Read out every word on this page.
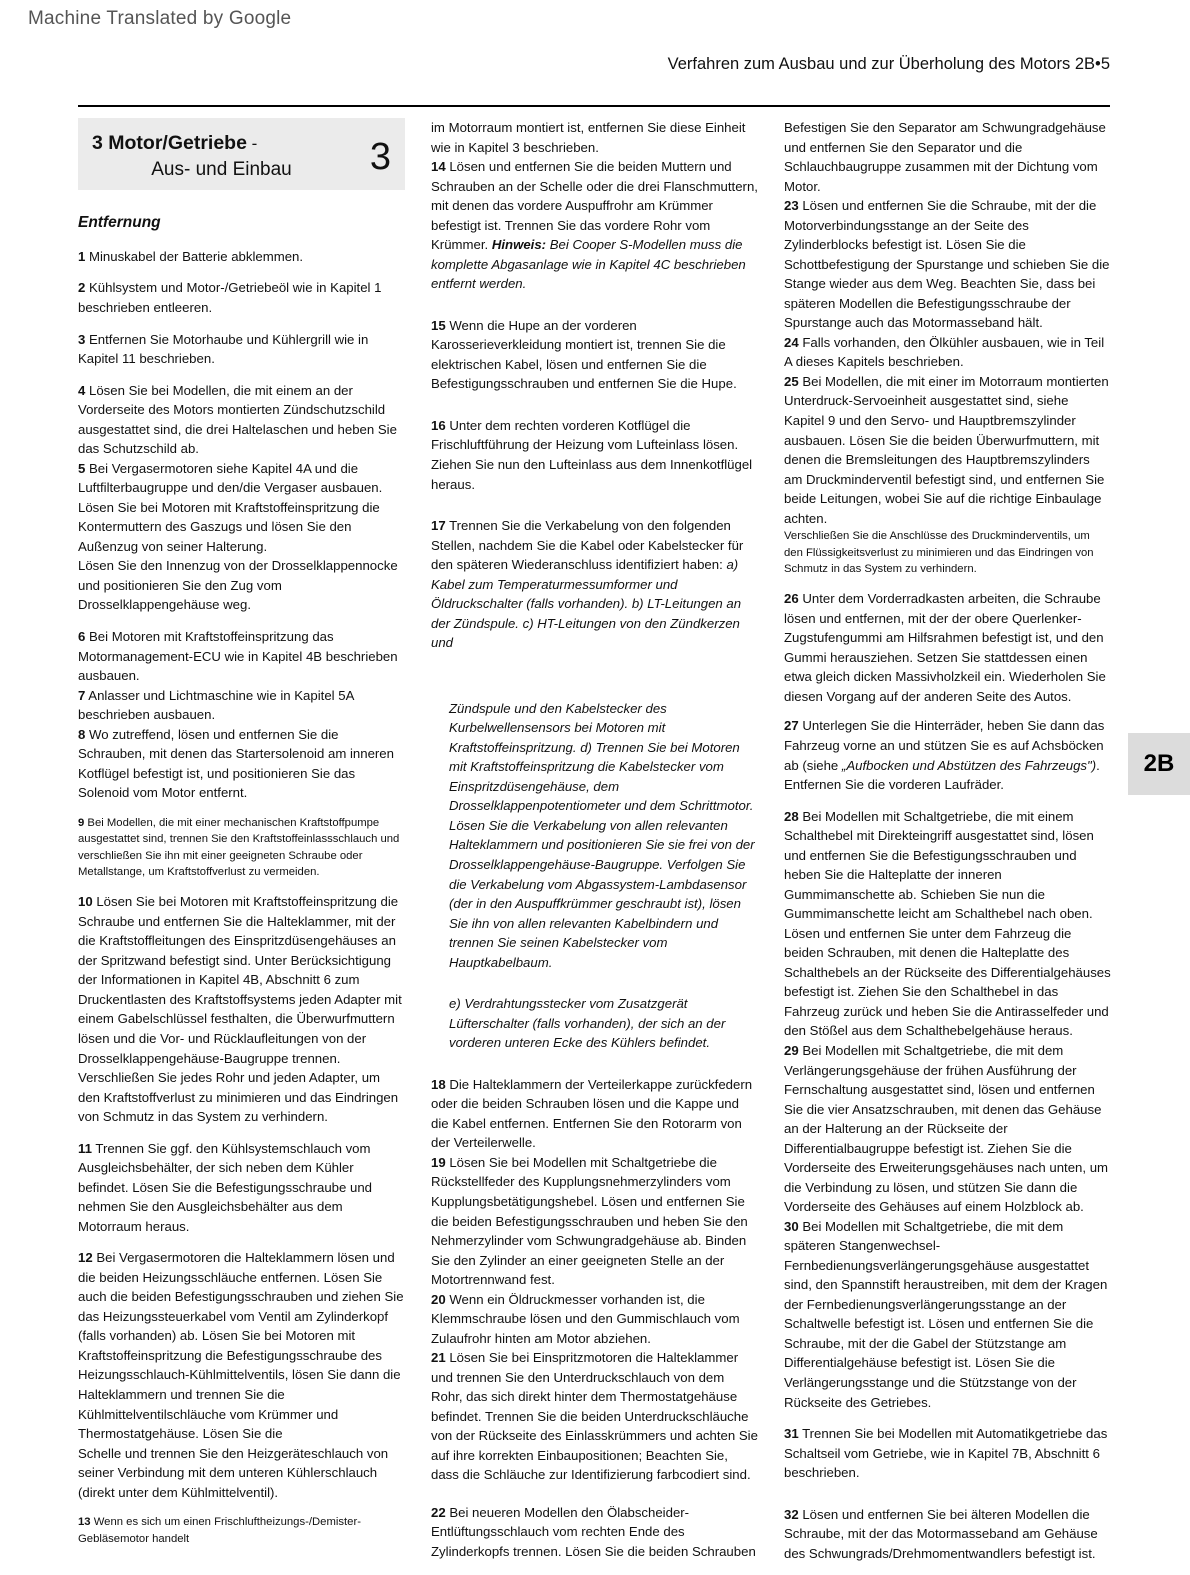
Machine Translated by Google
Verfahren zum Ausbau und zur Überholung des Motors 2B•5
2B
3 Motor/Getriebe -
Aus- und Einbau	3
Entfernung

1 Minuskabel der Batterie abklemmen.

2 Kühlsystem und Motor-/Getriebeöl wie in Kapitel 1 beschrieben entleeren.

3 Entfernen Sie Motorhaube und Kühlergrill wie in Kapitel 11 beschrieben.

4 Lösen Sie bei Modellen, die mit einem an der Vorderseite des Motors montierten Zündschutzschild ausgestattet sind, die drei Haltelaschen und heben Sie das Schutzschild ab.

5 Bei Vergasermotoren siehe Kapitel 4A und die Luftfilterbaugruppe und den/die Vergaser ausbauen. Lösen Sie bei Motoren mit Kraftstoffeinspritzung die Kontermuttern des Gaszugs und lösen Sie den Außenzug von seiner Halterung.

Lösen Sie den Innenzug von der Drosselklappennocke und positionieren Sie den Zug vom Drosselklappengehäuse weg.

6 Bei Motoren mit Kraftstoffeinspritzung das Motormanagement-ECU wie in Kapitel 4B beschrieben ausbauen.

7 Anlasser und Lichtmaschine wie in Kapitel 5A beschrieben ausbauen.

8 Wo zutreffend, lösen und entfernen Sie die Schrauben, mit denen das Startersolenoid am inneren Kotflügel befestigt ist, und positionieren Sie das Solenoid vom Motor entfernt.

9 Bei Modellen, die mit einer mechanischen Kraftstoffpumpe ausgestattet sind, trennen Sie den Kraftstoffeinlassschlauch und verschließen Sie ihn mit einer geeigneten Schraube oder Metallstange, um Kraftstoffverlust zu vermeiden.

10 Lösen Sie bei Motoren mit Kraftstoffeinspritzung die Schraube und entfernen Sie die Halteklammer, mit der die Kraftstoffleitungen des Einspritzdüsengehäuses an der Spritzwand befestigt sind. Unter Berücksichtigung der Informationen in Kapitel 4B, Abschnitt 6 zum Druckentlasten des Kraftstoffsystems jeden Adapter mit einem Gabelschlüssel festhalten, die Überwurfmuttern lösen und die Vor- und Rücklaufleitungen von der Drosselklappengehäuse-Baugruppe trennen.

Verschließen Sie jedes Rohr und jeden Adapter, um den Kraftstoffverlust zu minimieren und das Eindringen von Schmutz in das System zu verhindern.

11 Trennen Sie ggf. den Kühlsystemschlauch vom Ausgleichsbehälter, der sich neben dem Kühler befindet. Lösen Sie die Befestigungsschraube und nehmen Sie den Ausgleichsbehälter aus dem Motorraum heraus.

12 Bei Vergasermotoren die Halteklammern lösen und die beiden Heizungsschläuche entfernen. Lösen Sie auch die beiden Befestigungsschrauben und ziehen Sie das Heizungssteuerkabel vom Ventil am Zylinderkopf (falls vorhanden) ab. Lösen Sie bei Motoren mit Kraftstoffeinspritzung die Befestigungsschraube des Heizungsschlauch-Kühlmittelventils, lösen Sie dann die Halteklammern und trennen Sie die Kühlmittelventilschläuche vom Krümmer und Thermostatgehäuse. Lösen Sie die

Schelle und trennen Sie den Heizgeräteschlauch von seiner Verbindung mit dem unteren Kühlerschlauch (direkt unter dem Kühlmittelventil).

13 Wenn es sich um einen Frischluftheizungs-/Demister-Gebläsemotor handelt

im Motorraum montiert ist, entfernen Sie diese Einheit wie in Kapitel 3 beschrieben.

14 Lösen und entfernen Sie die beiden Muttern und Schrauben an der Schelle oder die drei Flanschmuttern, mit denen das vordere Auspuffrohr am Krümmer befestigt ist. Trennen Sie das vordere Rohr vom Krümmer. Hinweis: Bei Cooper S-Modellen muss die komplette Abgasanlage wie in Kapitel 4C beschrieben entfernt werden.

15 Wenn die Hupe an der vorderen Karosserieverkleidung montiert ist, trennen Sie die elektrischen Kabel, lösen und entfernen Sie die Befestigungsschrauben und entfernen Sie die Hupe.

16 Unter dem rechten vorderen Kotflügel die Frischluftführung der Heizung vom Lufteinlass lösen. Ziehen Sie nun den Lufteinlass aus dem Innenkotflügel heraus.

17 Trennen Sie die Verkabelung von den folgenden Stellen, nachdem Sie die Kabel oder Kabelstecker für den späteren Wiederanschluss identifiziert haben: a) Kabel zum Temperaturmessumformer und Öldruckschalter (falls vorhanden). b) LT-Leitungen an der Zündspule. c) HT-Leitungen von den Zündkerzen und

Zündspule und den Kabelstecker des Kurbelwellensensors bei Motoren mit Kraftstoffeinspritzung. d) Trennen Sie bei Motoren mit Kraftstoffeinspritzung die Kabelstecker vom Einspritzdüsengehäuse, dem Drosselklappenpotentiometer und dem Schrittmotor. Lösen Sie die Verkabelung von allen relevanten Halteklammern und positionieren Sie sie frei von der Drosselklappengehäuse-Baugruppe. Verfolgen Sie die Verkabelung vom Abgassystem-Lambdasensor (der in den Auspuffkrümmer geschraubt ist), lösen Sie ihn von allen relevanten Kabelbindern und trennen Sie seinen Kabelstecker vom Hauptkabelbaum.

e) Verdrahtungsstecker vom Zusatzgerät Lüfterschalter (falls vorhanden), der sich an der vorderen unteren Ecke des Kühlers befindet.

18 Die Halteklammern der Verteilerkappe zurückfedern oder die beiden Schrauben lösen und die Kappe und die Kabel entfernen. Entfernen Sie den Rotorarm von der Verteilerwelle.

19 Lösen Sie bei Modellen mit Schaltgetriebe die Rückstellfeder des Kupplungsnehmerzylinders vom Kupplungsbetätigungshebel. Lösen und entfernen Sie die beiden Befestigungsschrauben und heben Sie den Nehmerzylinder vom Schwungradgehäuse ab. Binden Sie den Zylinder an einer geeigneten Stelle an der Motortrennwand fest.

20 Wenn ein Öldruckmesser vorhanden ist, die Klemmschraube lösen und den Gummischlauch vom Zulaufrohr hinten am Motor abziehen.

21 Lösen Sie bei Einspritzmotoren die Halteklammer und trennen Sie den Unterdruckschlauch von dem Rohr, das sich direkt hinter dem Thermostatgehäuse befindet. Trennen Sie die beiden Unterdruckschläuche von der Rückseite des Einlasskrümmers und achten Sie auf ihre korrekten Einbaupositionen; Beachten Sie, dass die Schläuche zur Identifizierung farbcodiert sind.

22 Bei neueren Modellen den Ölabscheider-Entlüftungsschlauch vom rechten Ende des Zylinderkopfs trennen. Lösen Sie die beiden Schrauben

Befestigen Sie den Separator am Schwungradgehäuse und entfernen Sie den Separator und die Schlauchbaugruppe zusammen mit der Dichtung vom Motor.

23 Lösen und entfernen Sie die Schraube, mit der die Motorverbindungsstange an der Seite des Zylinderblocks befestigt ist. Lösen Sie die Schottbefestigung der Spurstange und schieben Sie die Stange wieder aus dem Weg. Beachten Sie, dass bei späteren Modellen die Befestigungsschraube der Spurstange auch das Motormasseband hält.

24 Falls vorhanden, den Ölkühler ausbauen, wie in Teil A dieses Kapitels beschrieben.

25 Bei Modellen, die mit einer im Motorraum montierten

Unterdruck-Servoeinheit ausgestattet sind, siehe Kapitel 9 und den Servo- und Hauptbremszylinder ausbauen. Lösen Sie die beiden Überwurfmuttern, mit denen die Bremsleitungen des Hauptbremszylinders am Druckminderventil befestigt sind, und entfernen Sie beide Leitungen, wobei Sie auf die richtige Einbaulage achten.

Verschließen Sie die Anschlüsse des Druckminderventils, um den Flüssigkeitsverlust zu minimieren und das Eindringen von Schmutz in das System zu verhindern.

26 Unter dem Vorderradkasten arbeiten, die Schraube lösen und entfernen, mit der der obere Querlenker-Zugstufengummi am Hilfsrahmen befestigt ist, und den Gummi herausziehen. Setzen Sie stattdessen einen etwa gleich dicken Massivholzkeil ein. Wiederholen Sie diesen Vorgang auf der anderen Seite des Autos.

27 Unterlegen Sie die Hinterräder, heben Sie dann das Fahrzeug vorne an und stützen Sie es auf Achsböcken ab (siehe „Aufbocken und Abstützen des Fahrzeugs"). Entfernen Sie die vorderen Laufräder.

28 Bei Modellen mit Schaltgetriebe, die mit einem Schalthebel mit Direkteingriff ausgestattet sind, lösen und entfernen Sie die Befestigungsschrauben und heben Sie die Halteplatte der inneren Gummimanschette ab. Schieben Sie nun die Gummimanschette leicht am Schalthebel nach oben. Lösen und entfernen Sie unter dem Fahrzeug die beiden Schrauben, mit denen die Halteplatte des Schalthebels an der Rückseite des Differentialgehäuses befestigt ist. Ziehen Sie den Schalthebel in das Fahrzeug zurück und heben Sie die Antirasselfeder und den Stößel aus dem Schalthebelgehäuse heraus.

29 Bei Modellen mit Schaltgetriebe, die mit dem Verlängerungsgehäuse der frühen Ausführung der Fernschaltung ausgestattet sind, lösen und entfernen Sie die vier Ansatzschrauben, mit denen das Gehäuse an der Halterung an der Rückseite der Differentialbaugruppe befestigt ist. Ziehen Sie die Vorderseite des Erweiterungsgehäuses nach unten, um die Verbindung zu lösen, und stützen Sie dann die Vorderseite des Gehäuses auf einem Holzblock ab.

30 Bei Modellen mit Schaltgetriebe, die mit dem späteren Stangenwechsel-Fernbedienungsverlängerungsgehäuse ausgestattet sind, den Spannstift heraustreiben, mit dem der Kragen der Fernbedienungsverlängerungsstange an der Schaltwelle befestigt ist. Lösen und entfernen Sie die

Schraube, mit der die Gabel der Stützstange am Differentialgehäuse befestigt ist. Lösen Sie die Verlängerungsstange und die Stützstange von der Rückseite des Getriebes.

31 Trennen Sie bei Modellen mit Automatikgetriebe das Schaltseil vom Getriebe, wie in Kapitel 7B, Abschnitt 6 beschrieben.

32 Lösen und entfernen Sie bei älteren Modellen die Schraube, mit der das Motormasseband am Gehäuse des Schwungrads/Drehmomentwandlers befestigt ist.
